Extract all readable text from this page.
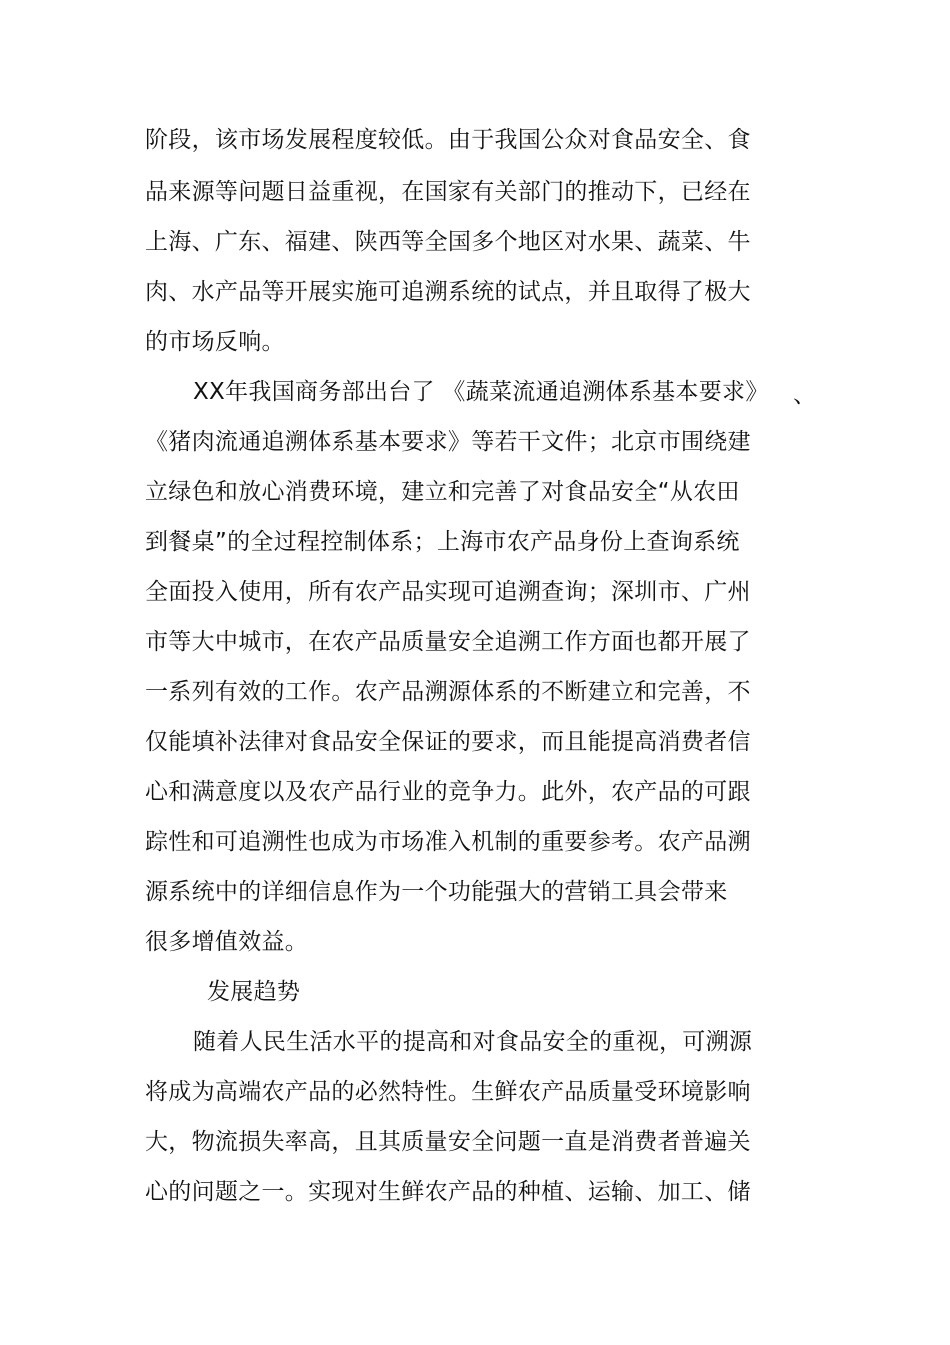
阶段，该市场发展程度较低。由于我国公众对食品安全、食
品来源等问题日益重视，在国家有关部门的推动下，已经在
上海、广东、福建、陕西等全国多个地区对水果、蔬菜、牛
肉、水产品等开展实施可追溯系统的试点，并且取得了极大
的市场反响。
XX年我国商务部出台了 《蔬菜流通追溯体系基本要求》 、
《猪肉流通追溯体系基本要求》等若干文件；北京市围绕建
立绿色和放心消费环境，建立和完善了对食品安全“从农田
到餐桌”的全过程控制体系；上海市农产品身份上查询系统
全面投入使用，所有农产品实现可追溯查询；深圳市、广州
市等大中城市，在农产品质量安全追溯工作方面也都开展了
一系列有效的工作。农产品溯源体系的不断建立和完善，不
仅能填补法律对食品安全保证的要求，而且能提高消费者信
心和满意度以及农产品行业的竞争力。此外，农产品的可跟
踪性和可追溯性也成为市场准入机制的重要参考。农产品溯
源系统中的详细信息作为一个功能强大的营销工具会带来
很多增值效益。
发展趋势
随着人民生活水平的提高和对食品安全的重视，可溯源
将成为高端农产品的必然特性。生鲜农产品质量受环境影响
大，物流损失率高，且其质量安全问题一直是消费者普遍关
心的问题之一。实现对生鲜农产品的种植、运输、加工、储
